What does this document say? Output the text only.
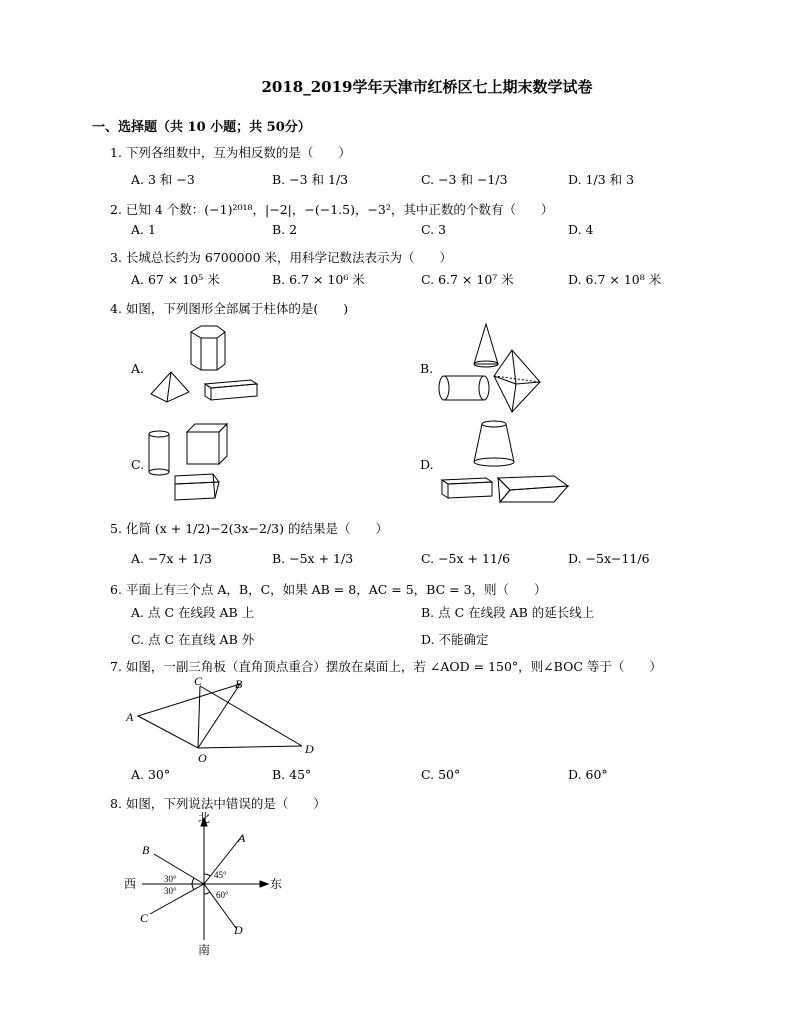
2018_2019学年天津市红桥区七上期末数学试卷
一、选择题（共 10 小题；共 50分）
1. 下列各组数中，互为相反数的是（　　）
A. 3 和 −3	B. −3 和 1/3	C. −3 和 −1/3	D. 1/3 和 3
2. 已知 4 个数：(−1)²⁰¹⁸，|−2|，−(−1.5)，−3²，其中正数的个数有（　　）
A. 1	B. 2	C. 3	D. 4
3. 长城总长约为 6700000 米，用科学记数法表示为（　　）
A. 67 × 10⁵ 米	B. 6.7 × 10⁶ 米	C. 6.7 × 10⁷ 米	D. 6.7 × 10⁸ 米
4. 如图，下列图形全部属于柱体的是(　　)
A.	B.
C.	D.
5. 化简 (x + 1/2)−2(3x−2/3) 的结果是（　　）
A. −7x + 1/3	B. −5x + 1/3	C. −5x + 11/6	D. −5x−11/6
6. 平面上有三个点 A，B，C，如果 AB = 8，AC = 5，BC = 3，则（　　）
A. 点 C 在线段 AB 上	B. 点 C 在线段 AB 的延长线上
C. 点 C 在直线 AB 外	D. 不能确定
7. 如图，一副三角板（直角顶点重合）摆放在桌面上，若 ∠AOD = 150°，则∠BOC 等于（　　）
A
C	B
D
O
A. 30°	B. 45°	C. 50°	D. 60°
8. 如图，下列说法中错误的是（　　）
北
南
东
西
A
B
C
D
30°
30°
45°
60°
